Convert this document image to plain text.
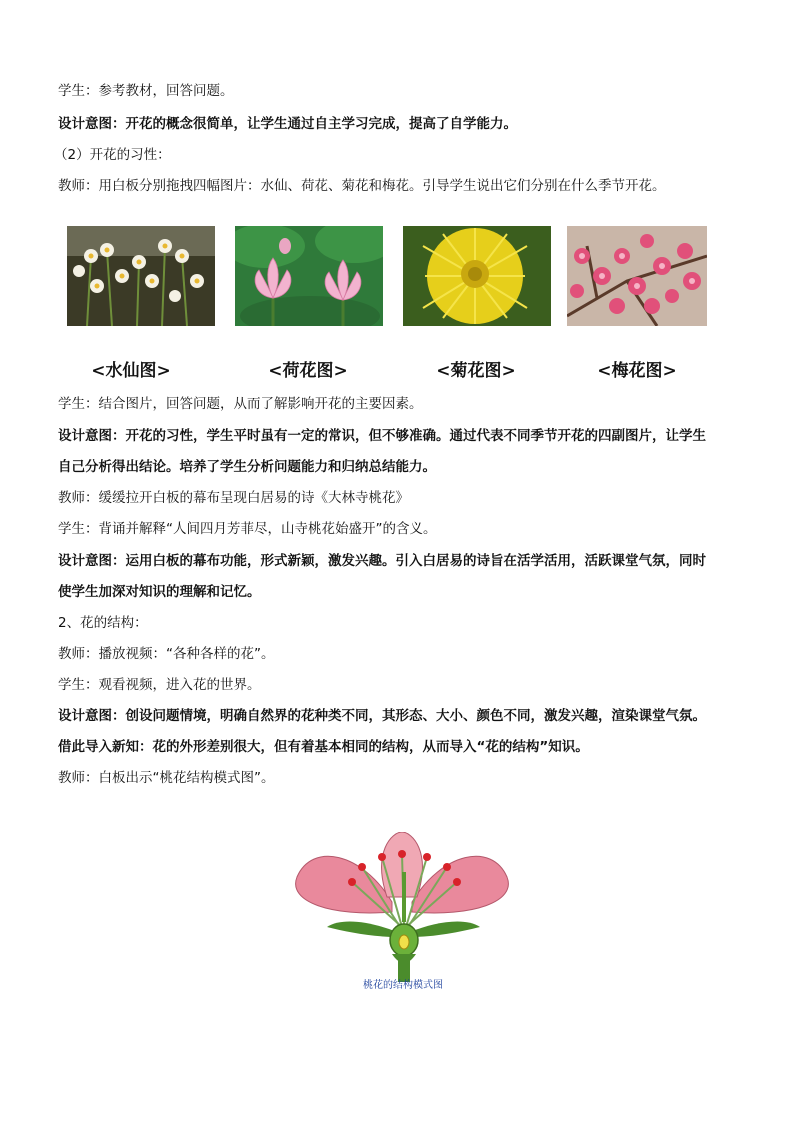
学生：参考教材，回答问题。
设计意图：开花的概念很简单，让学生通过自主学习完成，提高了自学能力。
（2）开花的习性：
教师：用白板分别拖拽四幅图片：水仙、荷花、菊花和梅花。引导学生说出它们分别在什么季节开花。
<水仙图>	<荷花图>	<菊花图>	<梅花图>
学生：结合图片，回答问题，从而了解影响开花的主要因素。
设计意图：开花的习性，学生平时虽有一定的常识，但不够准确。通过代表不同季节开花的四副图片，让学生
自己分析得出结论。培养了学生分析问题能力和归纳总结能力。
教师：缓缓拉开白板的幕布呈现白居易的诗《大林寺桃花》
学生：背诵并解释“人间四月芳菲尽，山寺桃花始盛开”的含义。
设计意图：运用白板的幕布功能，形式新颖，激发兴趣。引入白居易的诗旨在活学活用，活跃课堂气氛，同时
使学生加深对知识的理解和记忆。
2、花的结构：
教师：播放视频：“各种各样的花”。
学生：观看视频，进入花的世界。
设计意图：创设问题情境，明确自然界的花种类不同，其形态、大小、颜色不同，激发兴趣，渲染课堂气氛。
借此导入新知：花的外形差别很大，但有着基本相同的结构，从而导入“花的结构”知识。
教师：白板出示“桃花结构模式图”。
桃花的结构模式图
